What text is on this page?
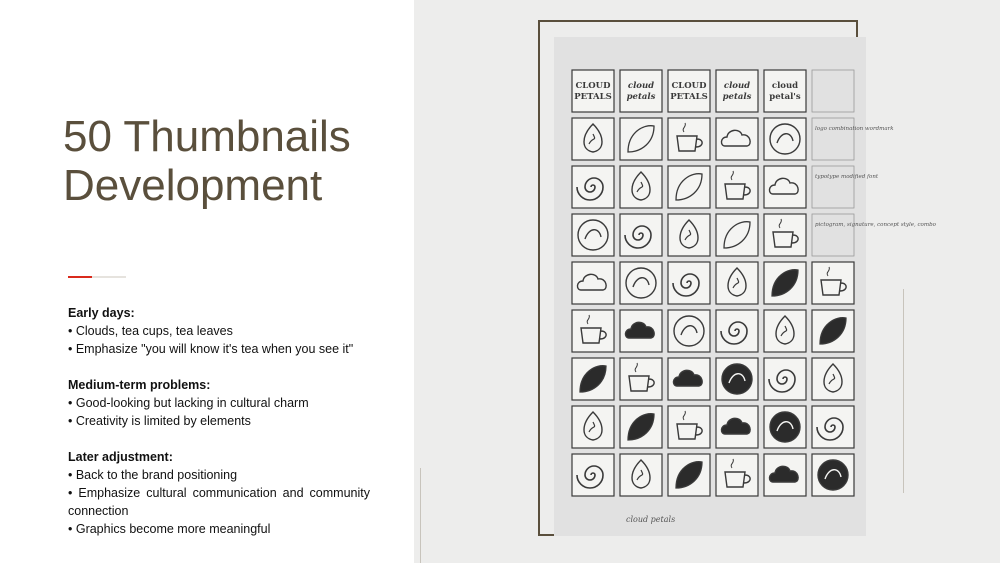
50 Thumbnails
Development
Early days:
• Clouds, tea cups, tea leaves
• Emphasize "you will know it's tea when you see it"
Medium-term problems:
• Good-looking but lacking in cultural charm
• Creativity is limited by elements
Later adjustment:
• Back to the brand positioning
• Emphasize cultural communication and community connection
• Graphics become more meaningful
CLOUD
PETALS
cloud
petals
CLOUD
PETALS
cloud
petals
cloud
petal's
logo combination wordmark
typotype modified font
pictogram, signature, concept style, combo
cloud petals
